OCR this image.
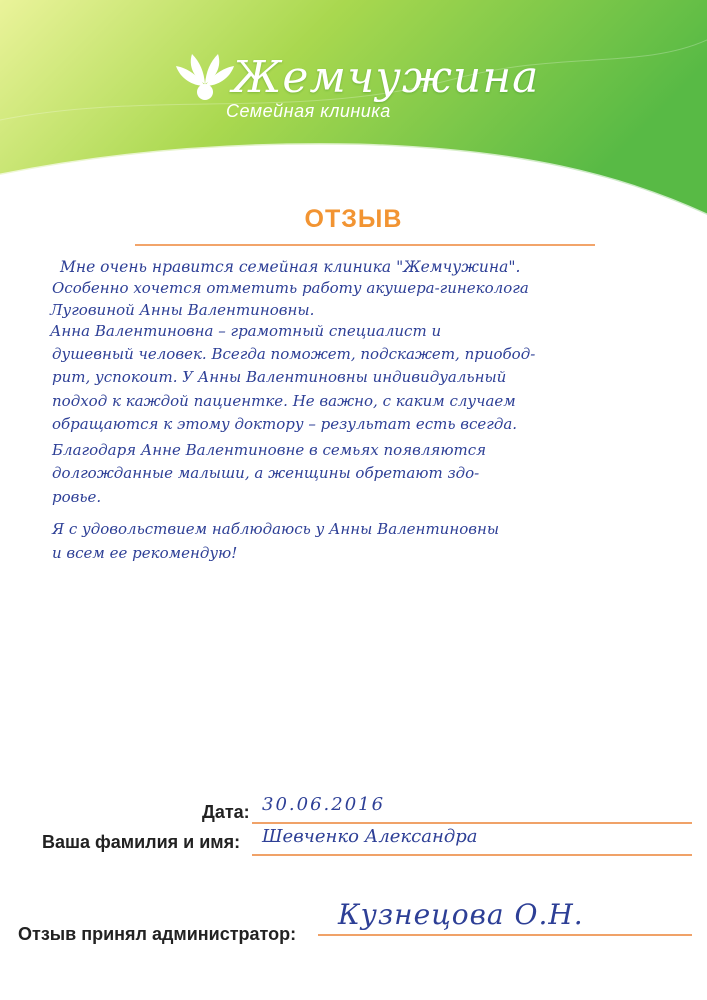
Жемчужина
Семейная клиника
ОТЗЫВ
Мне очень нравится семейная клиника "Жемчужина".
Особенно хочется отметить работу акушера-гинеколога
Луговиной Анны Валентиновны.
Анна Валентиновна – грамотный специалист и
душевный человек. Всегда поможет, подскажет, приобод-
рит, успокоит. У Анны Валентиновны индивидуальный
подход к каждой пациентке. Не важно, с каким случаем
обращаются к этому доктору – результат есть всегда.
Благодаря Анне Валентиновне в семьях появляются
долгожданные малыши, а женщины обретают здо-
ровье.
Я с удовольствием наблюдаюсь у Анны Валентиновны
и всем ее рекомендую!
Дата: 30.06.2016
Ваша фамилия и имя: Шевченко Александра
Отзыв принял администратор:
Кузнецова О.Н.
